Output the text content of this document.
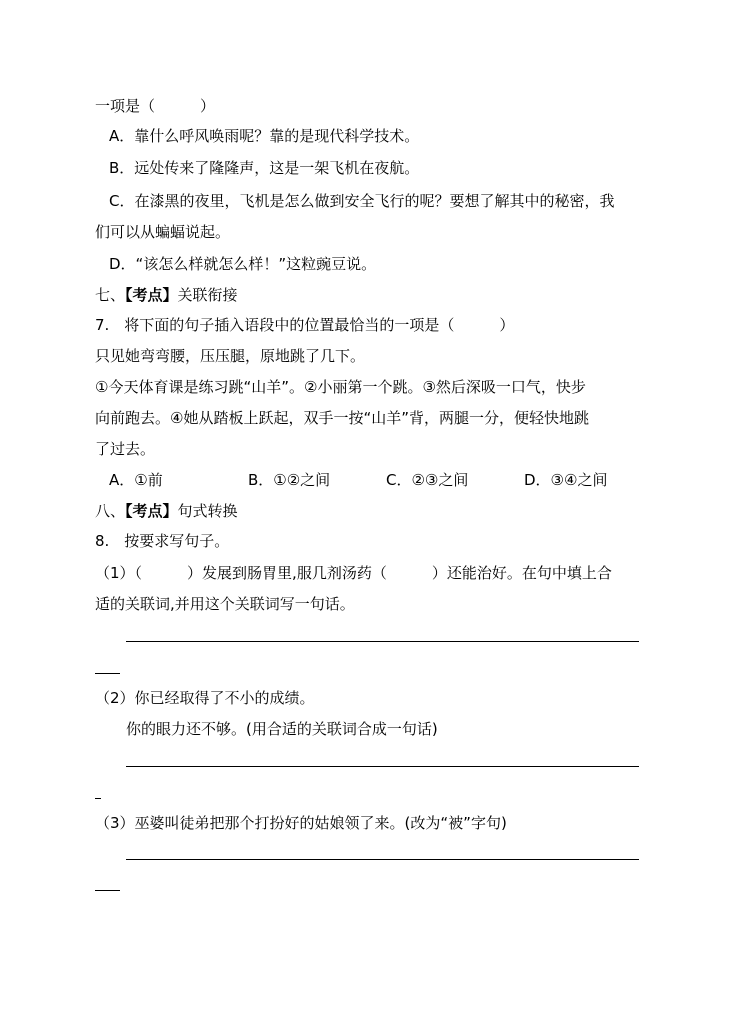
一项是（　　　）
A．靠什么呼风唤雨呢？靠的是现代科学技术。
B．远处传来了隆隆声，这是一架飞机在夜航。
C．在漆黑的夜里，飞机是怎么做到安全飞行的呢？要想了解其中的秘密，我
们可以从蝙蝠说起。
D．“该怎么样就怎么样！”这粒豌豆说。
七、【考点】关联衔接
7.　将下面的句子插入语段中的位置最恰当的一项是（　　　）
只见她弯弯腰，压压腿，原地跳了几下。
①今天体育课是练习跳“山羊”。②小丽第一个跳。③然后深吸一口气，快步
向前跑去。④她从踏板上跃起，双手一按“山羊”背，两腿一分，便轻快地跳
了过去。
A．①前	B．①②之间	C．②③之间	D．③④之间
八、【考点】句式转换
8.　按要求写句子。
（1）（　　　）发展到肠胃里,服几剂汤药（　　　）还能治好。在句中填上合
适的关联词,并用这个关联词写一句话。
（2）你已经取得了不小的成绩。
你的眼力还不够。(用合适的关联词合成一句话)
（3）巫婆叫徒弟把那个打扮好的姑娘领了来。(改为“被”字句)
